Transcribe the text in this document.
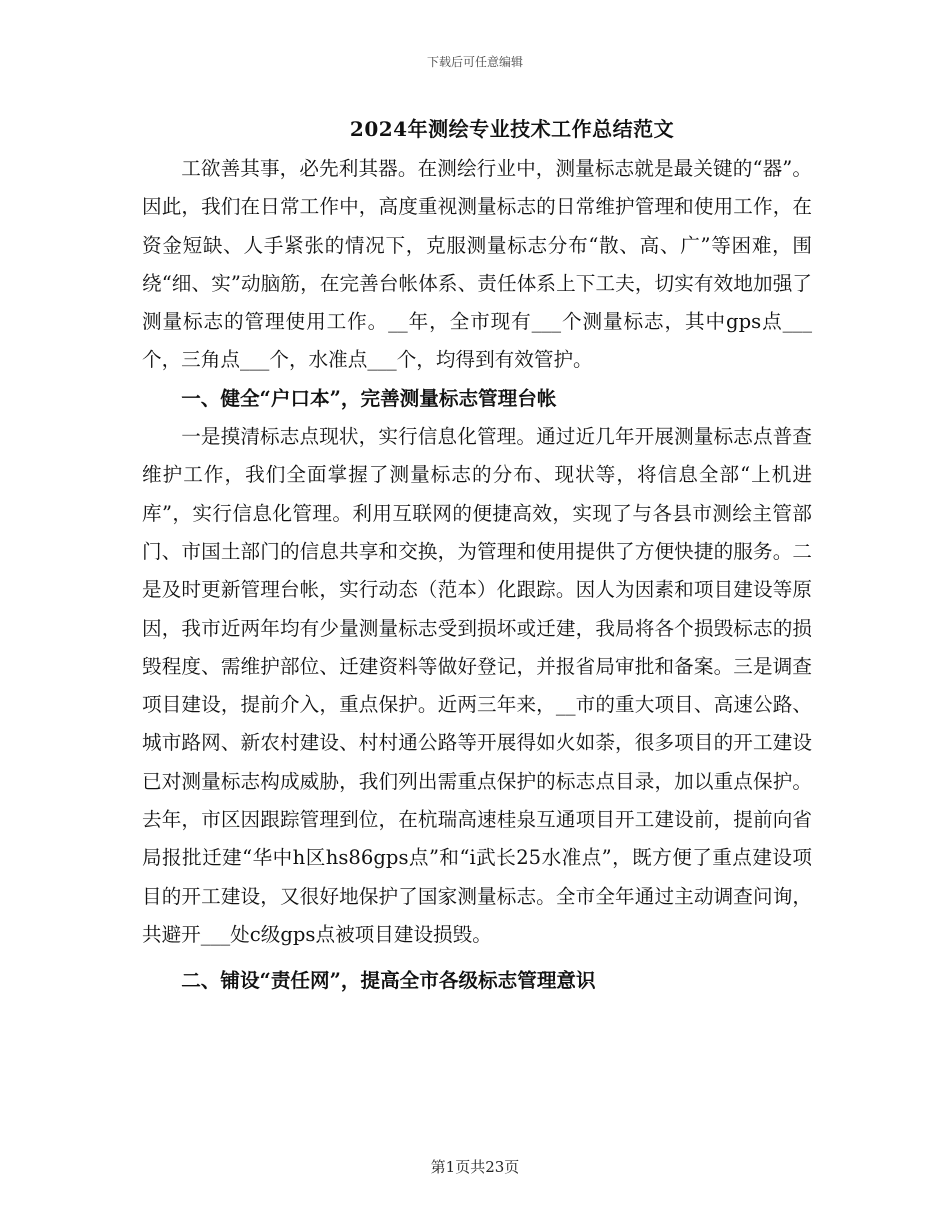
下载后可任意编辑
2024年测绘专业技术工作总结范文

工欲善其事，必先利其器。在测绘行业中，测量标志就是最关键的“器”。因此，我们在日常工作中，高度重视测量标志的日常维护管理和使用工作，在资金短缺、人手紧张的情况下，克服测量标志分布“散、高、广”等困难，围绕“细、实”动脑筋，在完善台帐体系、责任体系上下工夫，切实有效地加强了测量标志的管理使用工作。__年，全市现有___个测量标志，其中gps点___个，三角点___个，水准点___个，均得到有效管护。

一、健全“户口本”，完善测量标志管理台帐

一是摸清标志点现状，实行信息化管理。通过近几年开展测量标志点普查维护工作，我们全面掌握了测量标志的分布、现状等，将信息全部“上机进库”，实行信息化管理。利用互联网的便捷高效，实现了与各县市测绘主管部门、市国土部门的信息共享和交换，为管理和使用提供了方便快捷的服务。二是及时更新管理台帐，实行动态（范本）化跟踪。因人为因素和项目建设等原因，我市近两年均有少量测量标志受到损坏或迁建，我局将各个损毁标志的损毁程度、需维护部位、迁建资料等做好登记，并报省局审批和备案。三是调查项目建设，提前介入，重点保护。近两三年来，__市的重大项目、高速公路、城市路网、新农村建设、村村通公路等开展得如火如荼，很多项目的开工建设已对测量标志构成威胁，我们列出需重点保护的标志点目录，加以重点保护。去年，市区因跟踪管理到位，在杭瑞高速桂泉互通项目开工建设前，提前向省局报批迁建“华中h区hs86gps点”和“i武长25水准点”，既方便了重点建设项目的开工建设，又很好地保护了国家测量标志。全市全年通过主动调查问询，共避开___处c级gps点被项目建设损毁。

二、铺设“责任网”，提高全市各级标志管理意识
第1页共23页
